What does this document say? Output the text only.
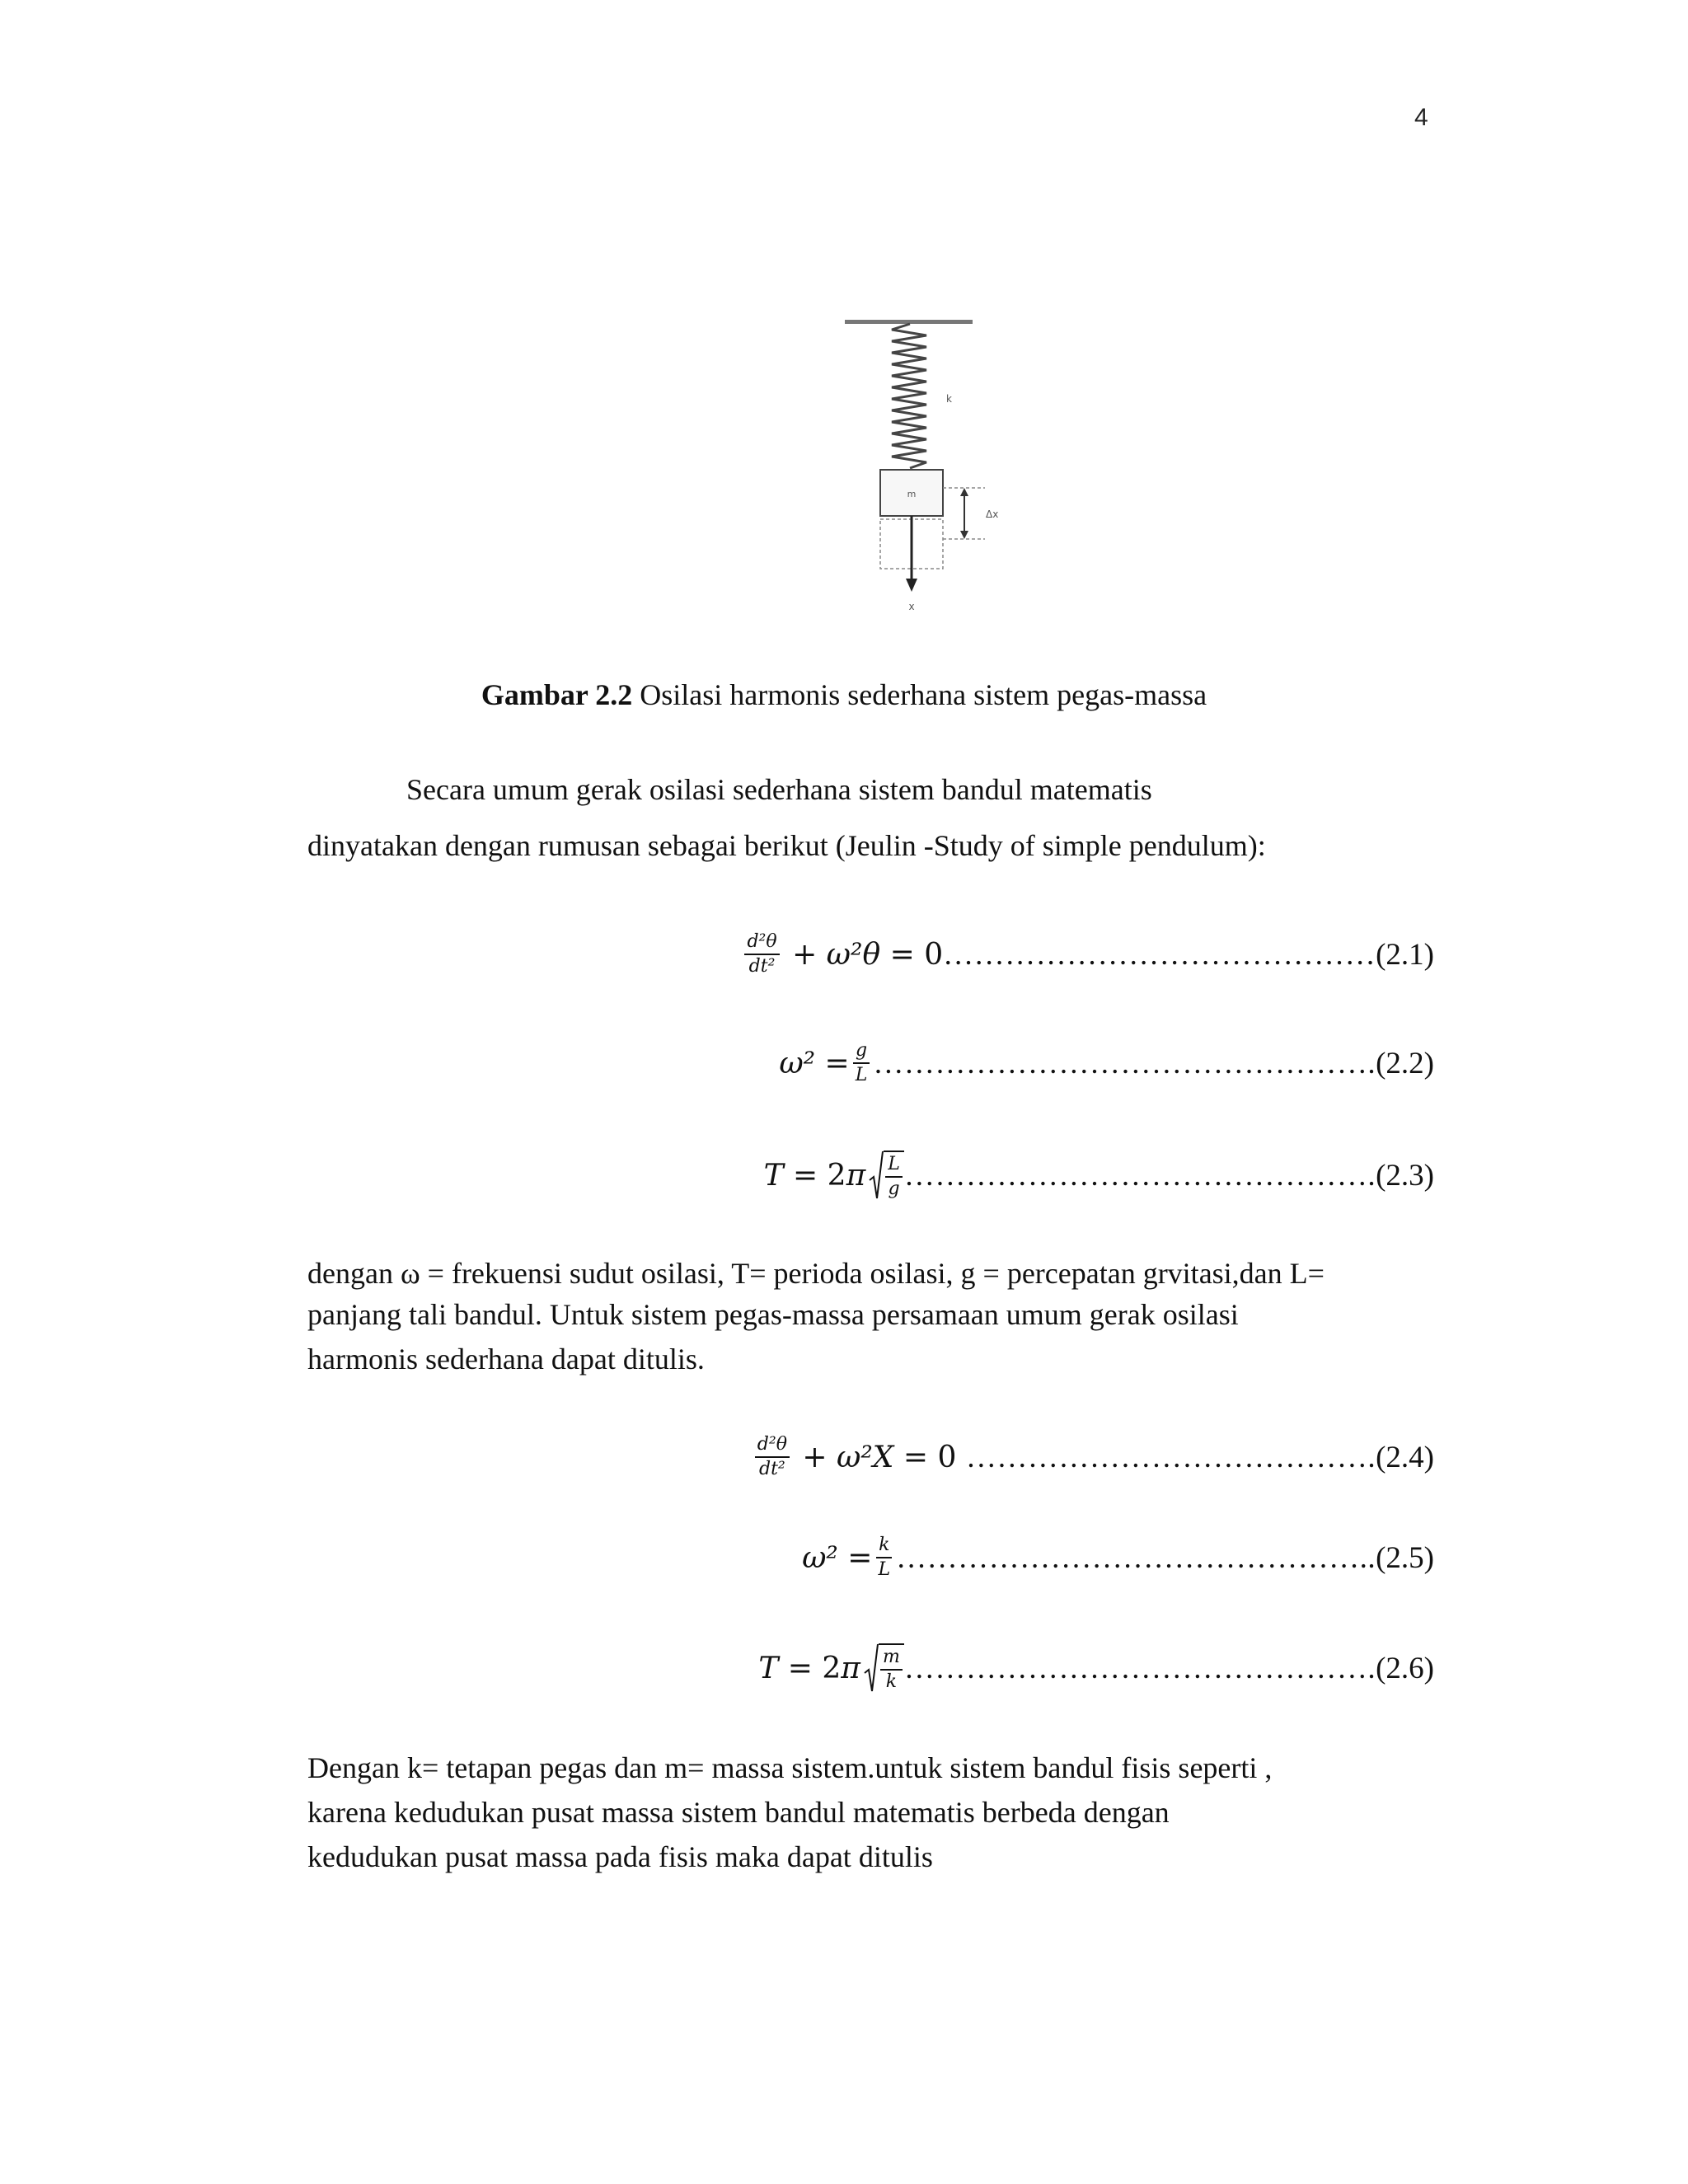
4
k
m
Δx
x
Gambar 2.2 Osilasi harmonis sederhana sistem pegas-massa
Secara umum gerak osilasi sederhana sistem bandul matematis
dinyatakan dengan rumusan sebagai berikut (Jeulin -Study of simple pendulum):
$\frac{\text{d²θ}}{\text{dt²}} + \omega^2\theta = 0$ …………………………………… (2.1)
$\omega^2 = \frac{g}{L}$ …………………………………………. (2.2)
$T = 2\pi \frac{L}{g}$ ………………………………………. (2.3)
dengan ω = frekuensi sudut osilasi, T= perioda osilasi, g = percepatan grvitasi,dan L=
panjang tali bandul. Untuk sistem pegas-massa persamaan umum gerak osilasi
harmonis sederhana dapat ditulis.
$\frac{\text{d²θ}}{\text{dt²}} + \omega^2X = 0$ …………………………………. (2.4)
$\omega^2 = \frac{k}{L}$ ……………………………………….. (2.5)
$T = 2\pi \frac{m}{k}$ ………………………………………. (2.6)
Dengan k= tetapan pegas dan m= massa sistem.untuk sistem bandul fisis seperti ,
karena kedudukan pusat massa sistem bandul matematis berbeda dengan
kedudukan pusat massa pada fisis maka dapat ditulis
